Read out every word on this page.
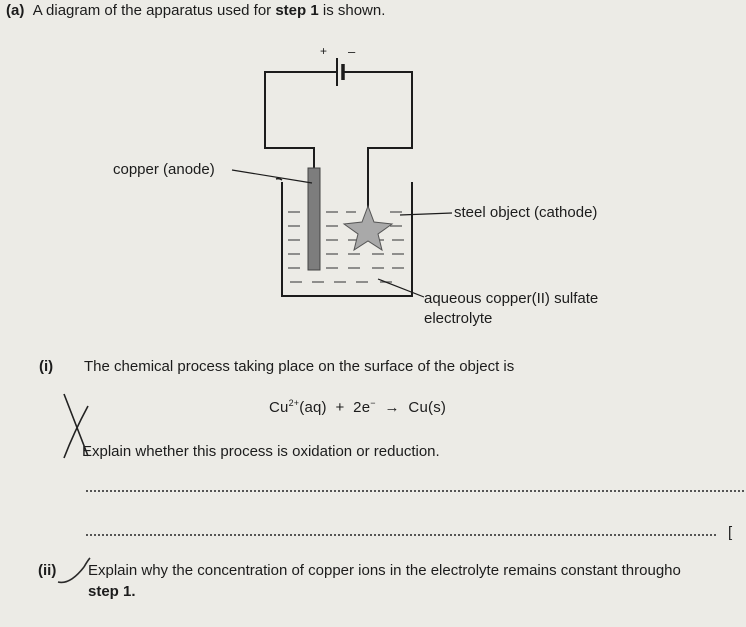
(a) A diagram of the apparatus used for step 1 is shown.
+ –
copper (anode)
steel object (cathode)
aqueous copper(II) sulfate
electrolyte
(i) The chemical process taking place on the surface of the object is
$Cu^{2+}(aq) + 2e^- \to Cu(s)$
Explain whether this process is oxidation or reduction.
[
(ii) Explain why the concentration of copper ions in the electrolyte remains constant througho
step 1.
